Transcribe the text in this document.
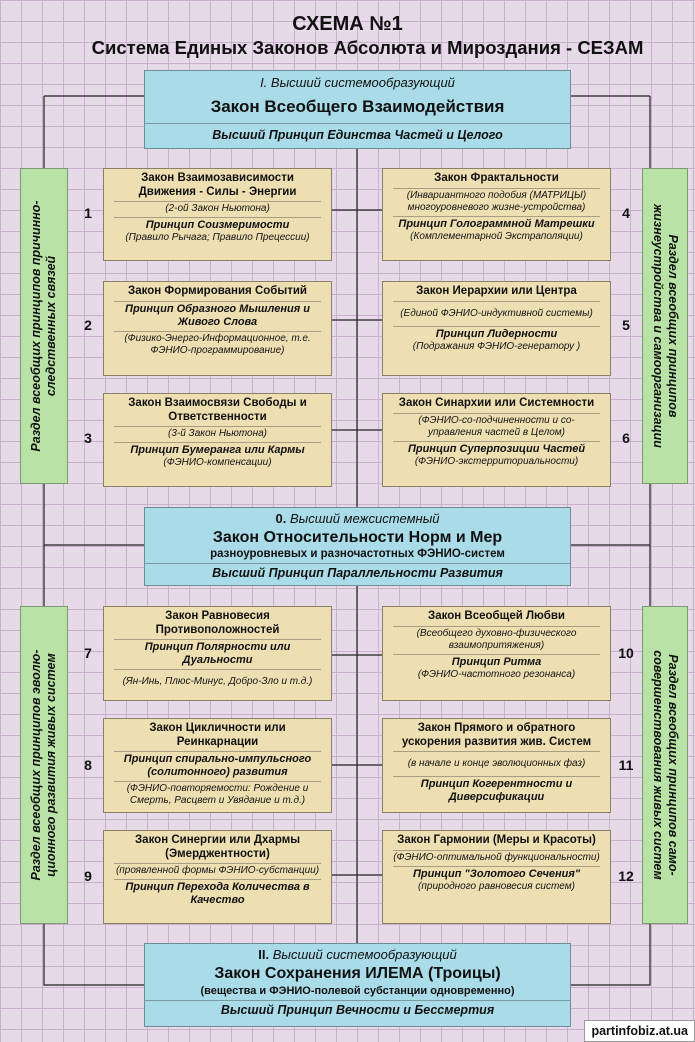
СХЕМА №1
Система Единых Законов Абсолюта и Мироздания - СЕЗАМ
I. Высший системообразующий
Закон Всеобщего Взаимодействия
Высший Принцип Единства Частей и Целого
0. Высший межсистемный
Закон Относительности Норм и Мер
разноуровневых и разночастотных ФЭНИО-систем
Высший Принцип Параллельности Развития
II. Высший системообразующий
Закон Сохранения ИЛЕМА (Троицы)
(вещества и ФЭНИО-полевой субстанции одновременно)
Высший Принцип Вечности и Бессмертия
Раздел всеобщих принципов причинно-
следственных связей	Раздел всеобщих принципов
жизнеустройства и самоорганизации
Раздел всеобщих принципов эволю-
ционного развития живых систем	Раздел всеобщих принципов само-
совершенствования живых систем
1
Закон Взаимозависимости Движения - Силы - Энергии
(2-ой Закон Ньютона)
Принцип Соизмеримости
(Правило Рычага; Правило Прецессии)
2
Закон Формирования Событий
Принцип Образного Мышления и Живого Слова
(Физико-Энерго-Информационное, т.е. ФЭНИО-программирование)
3
Закон Взаимосвязи Свободы и Ответственности
(3-й Закон Ньютона)
Принцип Бумеранга или Кармы
(ФЭНИО-компенсации)
Закон Фрактальности
(Инвариантного подобия (МАТРИЦЫ) многоуровневого жизне-устройства)
Принцип Голограммной Матрешки
(Комплементарной Экстраполяции)
4
Закон Иерархии или Центра
(Единой ФЭНИО-индуктивной системы)
Принцип Лидерности
(Подражания ФЭНИО-генератору )
5
Закон Синархии или Системности
(ФЭНИО-со-подчиненности и со-управления частей в Целом)
Принцип Суперпозиции Частей
(ФЭНИО-экстерриториальности)
6
7
Закон Равновесия Противоположностей
Принцип Полярности или Дуальности
(Ян-Инь, Плюс-Минус, Добро-Зло и т.д.)
8
Закон Цикличности или Реинкарнации
Принцип спирально-импульсного (солитонного) развития
(ФЭНИО-повторяемости: Рождение и Смерть, Расцвет и Увядание и т.д.)
9
Закон Синергии или Дхармы (Эмерджентности)
(проявленной формы ФЭНИО-субстанции)
Принцип Перехода Количества в Качество
Закон Всеобщей Любви
(Всеобщего духовно-физического взаимопритяжения)
Принцип Ритма
(ФЭНИО-частотного резонанса)
10
Закон Прямого и обратного ускорения развития жив. Систем
(в начале и конце эволюционных фаз)
Принцип Когерентности и Диверсификации
11
Закон Гармонии (Меры и Красоты)
(ФЭНИО-оптимальной функциональности)
Принцип "Золотого Сечения"
(природного равновесия систем)
12
partinfobiz.at.ua
